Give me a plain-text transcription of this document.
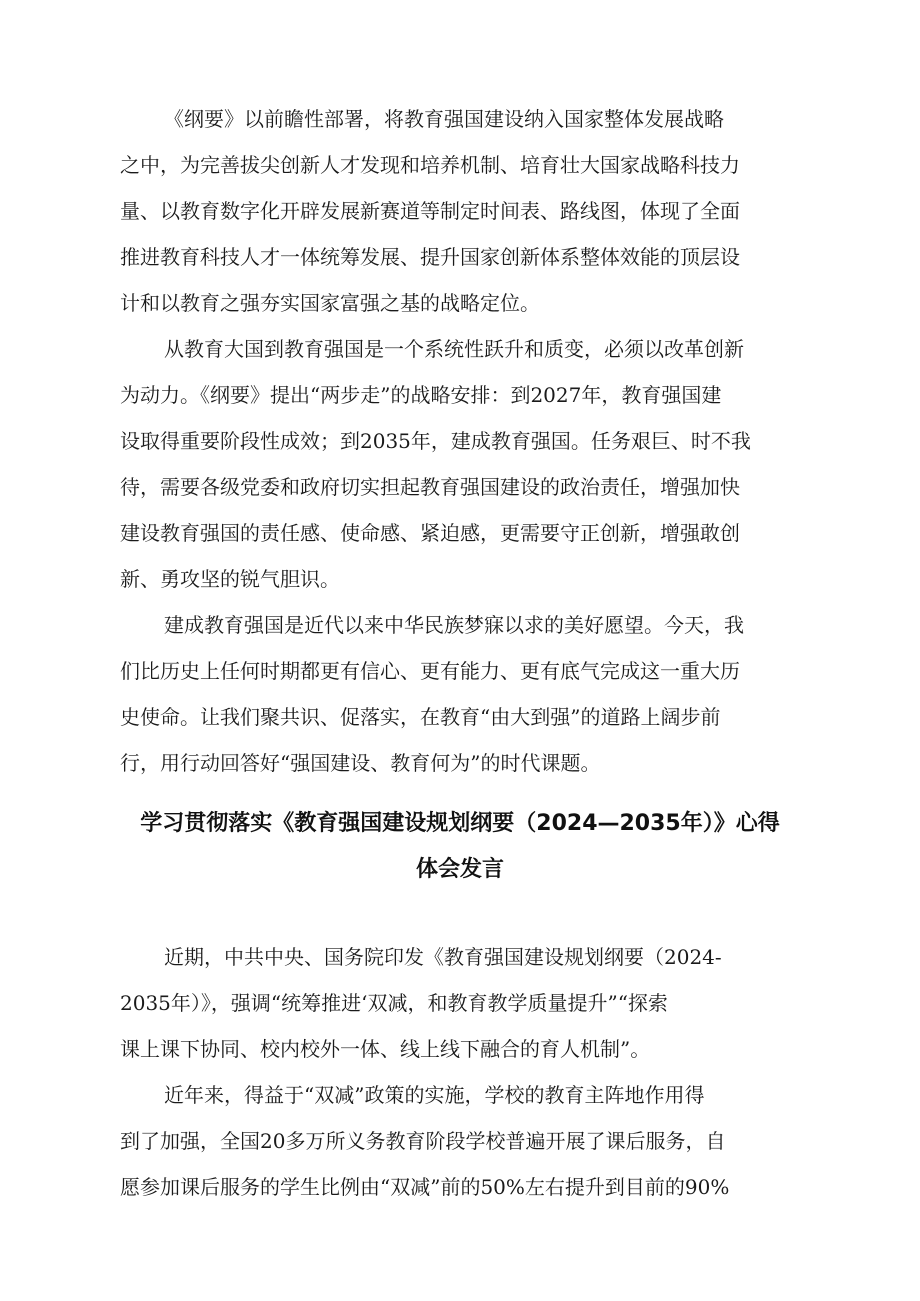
《纲要》以前瞻性部署，将教育强国建设纳入国家整体发展战略

之中，为完善拔尖创新人才发现和培养机制、培育壮大国家战略科技力

量、以教育数字化开辟发展新赛道等制定时间表、路线图，体现了全面

推进教育科技人才一体统筹发展、提升国家创新体系整体效能的顶层设

计和以教育之强夯实国家富强之基的战略定位。

从教育大国到教育强国是一个系统性跃升和质变，必须以改革创新

为动力。《纲要》提出“两步走”的战略安排：到2027年，教育强国建

设取得重要阶段性成效；到2035年，建成教育强国。任务艰巨、时不我

待，需要各级党委和政府切实担起教育强国建设的政治责任，增强加快

建设教育强国的责任感、使命感、紧迫感，更需要守正创新，增强敢创

新、勇攻坚的锐气胆识。

建成教育强国是近代以来中华民族梦寐以求的美好愿望。今天，我

们比历史上任何时期都更有信心、更有能力、更有底气完成这一重大历

史使命。让我们聚共识、促落实，在教育“由大到强”的道路上阔步前

行，用行动回答好“强国建设、教育何为”的时代课题。

学习贯彻落实《教育强国建设规划纲要（2024—2035年）》心得
体会发言

近期，中共中央、国务院印发《教育强国建设规划纲要（2024-

2035年）》，强调“统筹推进‘双减，和教育教学质量提升”“探索

课上课下协同、校内校外一体、线上线下融合的育人机制”。

近年来，得益于“双减”政策的实施，学校的教育主阵地作用得

到了加强，全国20多万所义务教育阶段学校普遍开展了课后服务，自

愿参加课后服务的学生比例由“双减”前的50%左右提升到目前的90%
